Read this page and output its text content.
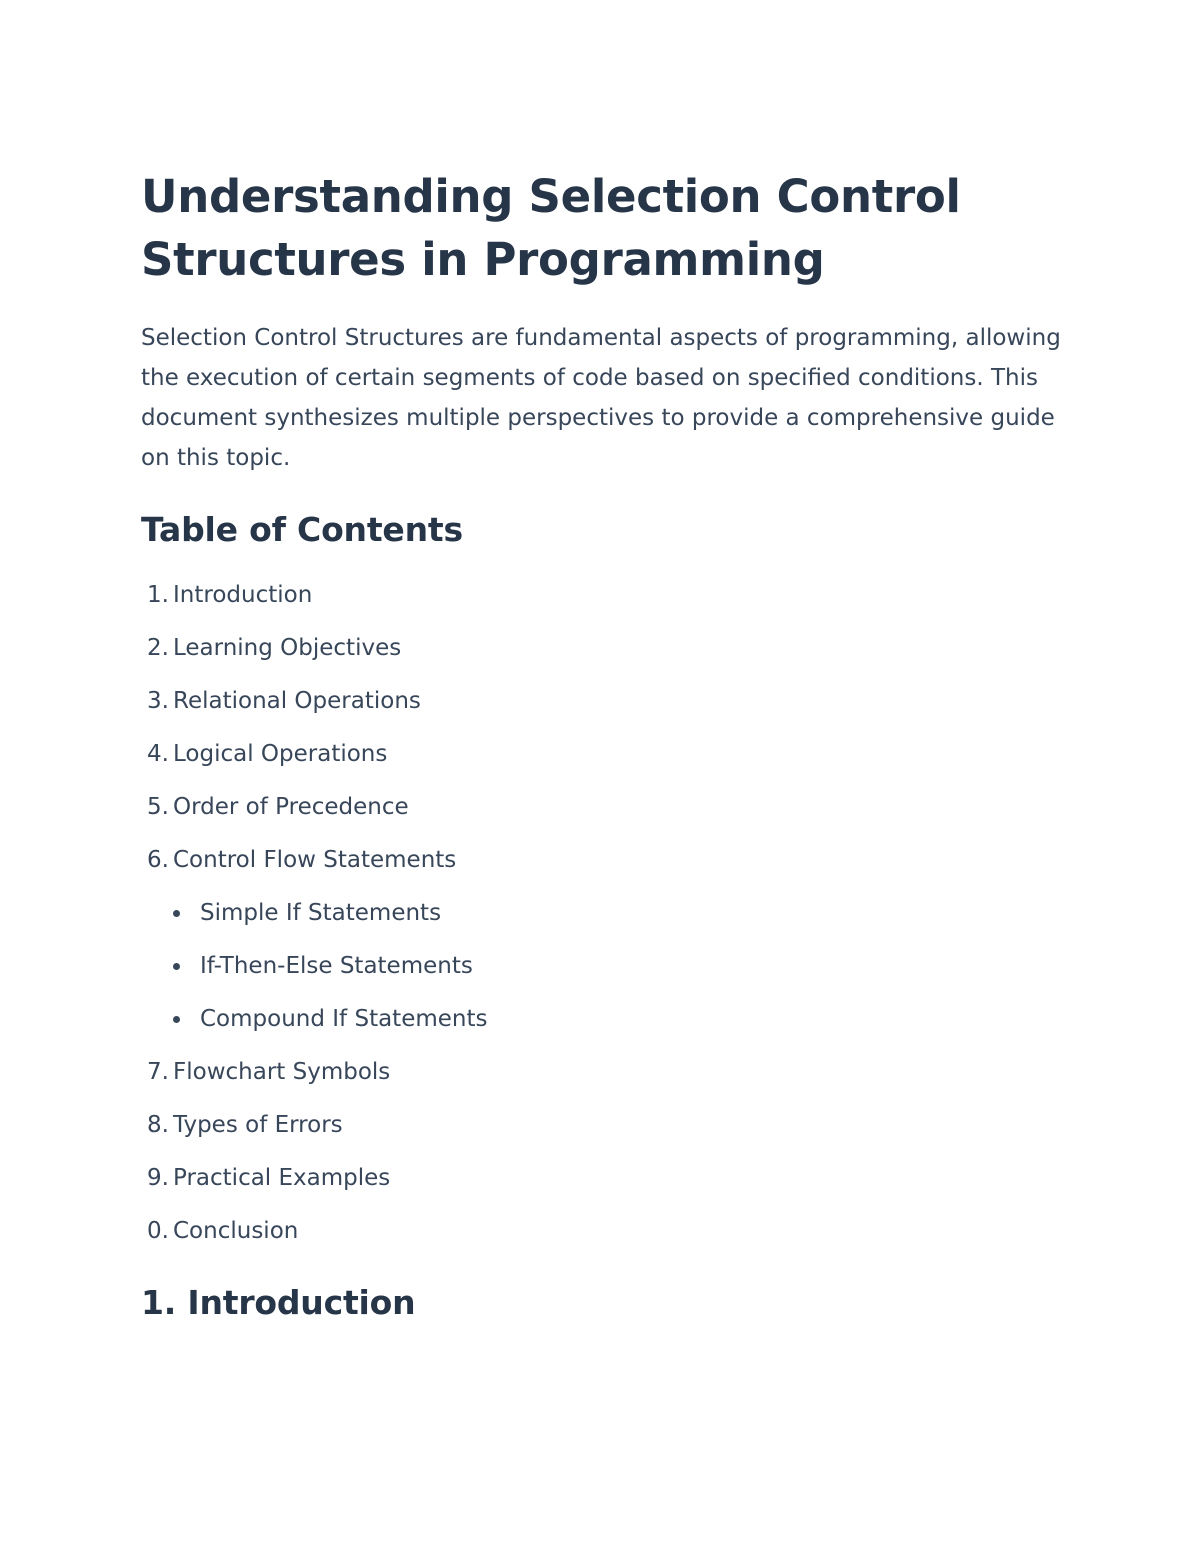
Understanding Selection Control Structures in Programming

Selection Control Structures are fundamental aspects of programming, allowing the execution of certain segments of code based on specified conditions. This document synthesizes multiple perspectives to provide a comprehensive guide on this topic.

Table of Contents
1. Introduction
2. Learning Objectives
3. Relational Operations
4. Logical Operations
5. Order of Precedence
6. Control Flow Statements
Simple If Statements
If-Then-Else Statements
Compound If Statements
7. Flowchart Symbols
8. Types of Errors
9. Practical Examples
0. Conclusion
1. Introduction
